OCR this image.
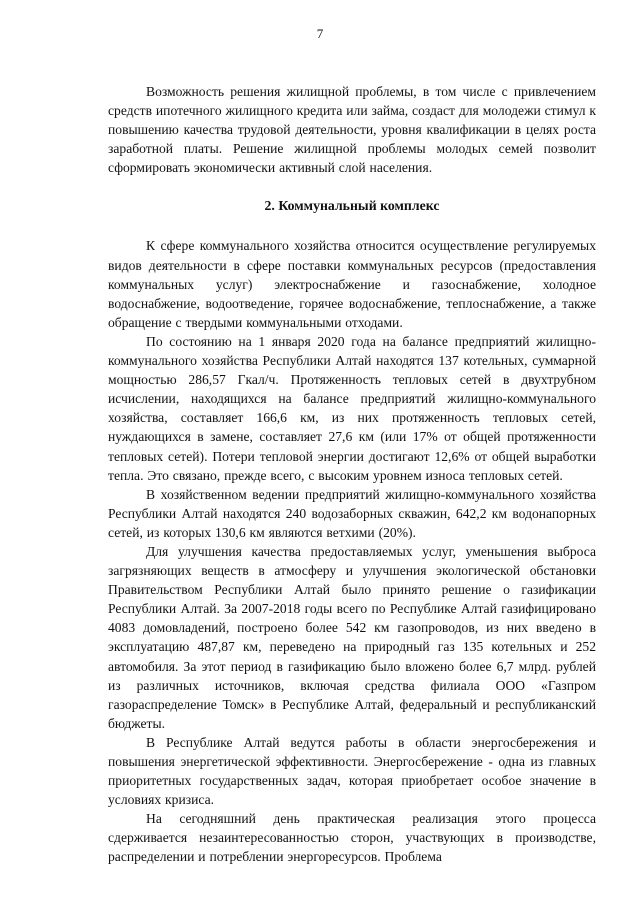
7

Возможность решения жилищной проблемы, в том числе с привлечением средств ипотечного жилищного кредита или займа, создаст для молодежи стимул к повышению качества трудовой деятельности, уровня квалификации в целях роста заработной платы. Решение жилищной проблемы молодых семей позволит сформировать экономически активный слой населения.

2. Коммунальный комплекс

К сфере коммунального хозяйства относится осуществление регулируемых видов деятельности в сфере поставки коммунальных ресурсов (предоставления коммунальных услуг) электроснабжение и газоснабжение, холодное водоснабжение, водоотведение, горячее водоснабжение, теплоснабжение, а также обращение с твердыми коммунальными отходами.

По состоянию на 1 января 2020 года на балансе предприятий жилищно-коммунального хозяйства Республики Алтай находятся 137 котельных, суммарной мощностью 286,57 Гкал/ч. Протяженность тепловых сетей в двухтрубном исчислении, находящихся на балансе предприятий жилищно-коммунального хозяйства, составляет 166,6 км, из них протяженность тепловых сетей, нуждающихся в замене, составляет 27,6 км (или 17% от общей протяженности тепловых сетей). Потери тепловой энергии достигают 12,6% от общей выработки тепла. Это связано, прежде всего, с высоким уровнем износа тепловых сетей.

В хозяйственном ведении предприятий жилищно-коммунального хозяйства Республики Алтай находятся 240 водозаборных скважин, 642,2 км водонапорных сетей, из которых 130,6 км являются ветхими (20%).

Для улучшения качества предоставляемых услуг, уменьшения выброса загрязняющих веществ в атмосферу и улучшения экологической обстановки Правительством Республики Алтай было принято решение о газификации Республики Алтай. За 2007-2018 годы всего по Республике Алтай газифицировано 4083 домовладений, построено более 542 км газопроводов, из них введено в эксплуатацию 487,87 км, переведено на природный газ 135 котельных и 252 автомобиля. За этот период в газификацию было вложено более 6,7 млрд. рублей из различных источников, включая средства филиала ООО «Газпром газораспределение Томск» в Республике Алтай, федеральный и республиканский бюджеты.

В Республике Алтай ведутся работы в области энергосбережения и повышения энергетической эффективности. Энергосбережение - одна из главных приоритетных государственных задач, которая приобретает особое значение в условиях кризиса.

На сегодняшний день практическая реализация этого процесса сдерживается незаинтересованностью сторон, участвующих в производстве, распределении и потреблении энергоресурсов. Проблема
